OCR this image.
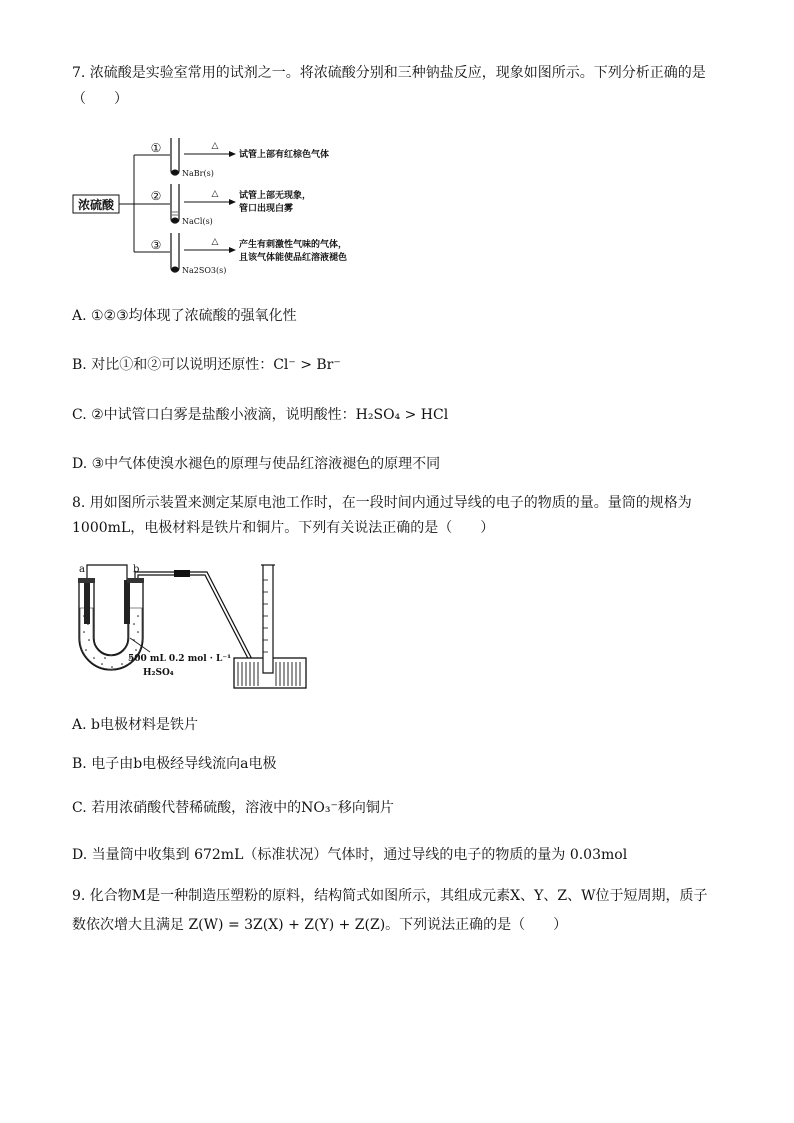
7. 浓硫酸是实验室常用的试剂之一。将浓硫酸分别和三种钠盐反应，现象如图所示。下列分析正确的是
（　　）
浓硫酸
①
NaBr(s)
△
试管上部有红棕色气体
②
NaCl(s)
△ 试管上部无现象，
管口出现白雾
③
Na2SO3(s)
△ 产生有刺激性气味的气体，
且该气体能使品红溶液褪色
A. ①②③均体现了浓硫酸的强氧化性
B. 对比①和②可以说明还原性：Cl⁻ > Br⁻
C. ②中试管口白雾是盐酸小液滴，说明酸性：H₂SO₄ > HCl
D. ③中气体使溴水褪色的原理与使品红溶液褪色的原理不同
8. 用如图所示装置来测定某原电池工作时，在一段时间内通过导线的电子的物质的量。量筒的规格为
1000mL，电极材料是铁片和铜片。下列有关说法正确的是（　　）
a	b
500 mL 0.2 mol · L⁻¹
H₂SO₄
A. b电极材料是铁片
B. 电子由b电极经导线流向a电极
C. 若用浓硝酸代替稀硫酸，溶液中的NO₃⁻移向铜片
D. 当量筒中收集到 672mL（标准状况）气体时，通过导线的电子的物质的量为 0.03mol
9. 化合物M是一种制造压塑粉的原料，结构简式如图所示，其组成元素X、Y、Z、W位于短周期，质子
数依次增大且满足 Z(W) = 3Z(X) + Z(Y) + Z(Z)。下列说法正确的是（　　）
